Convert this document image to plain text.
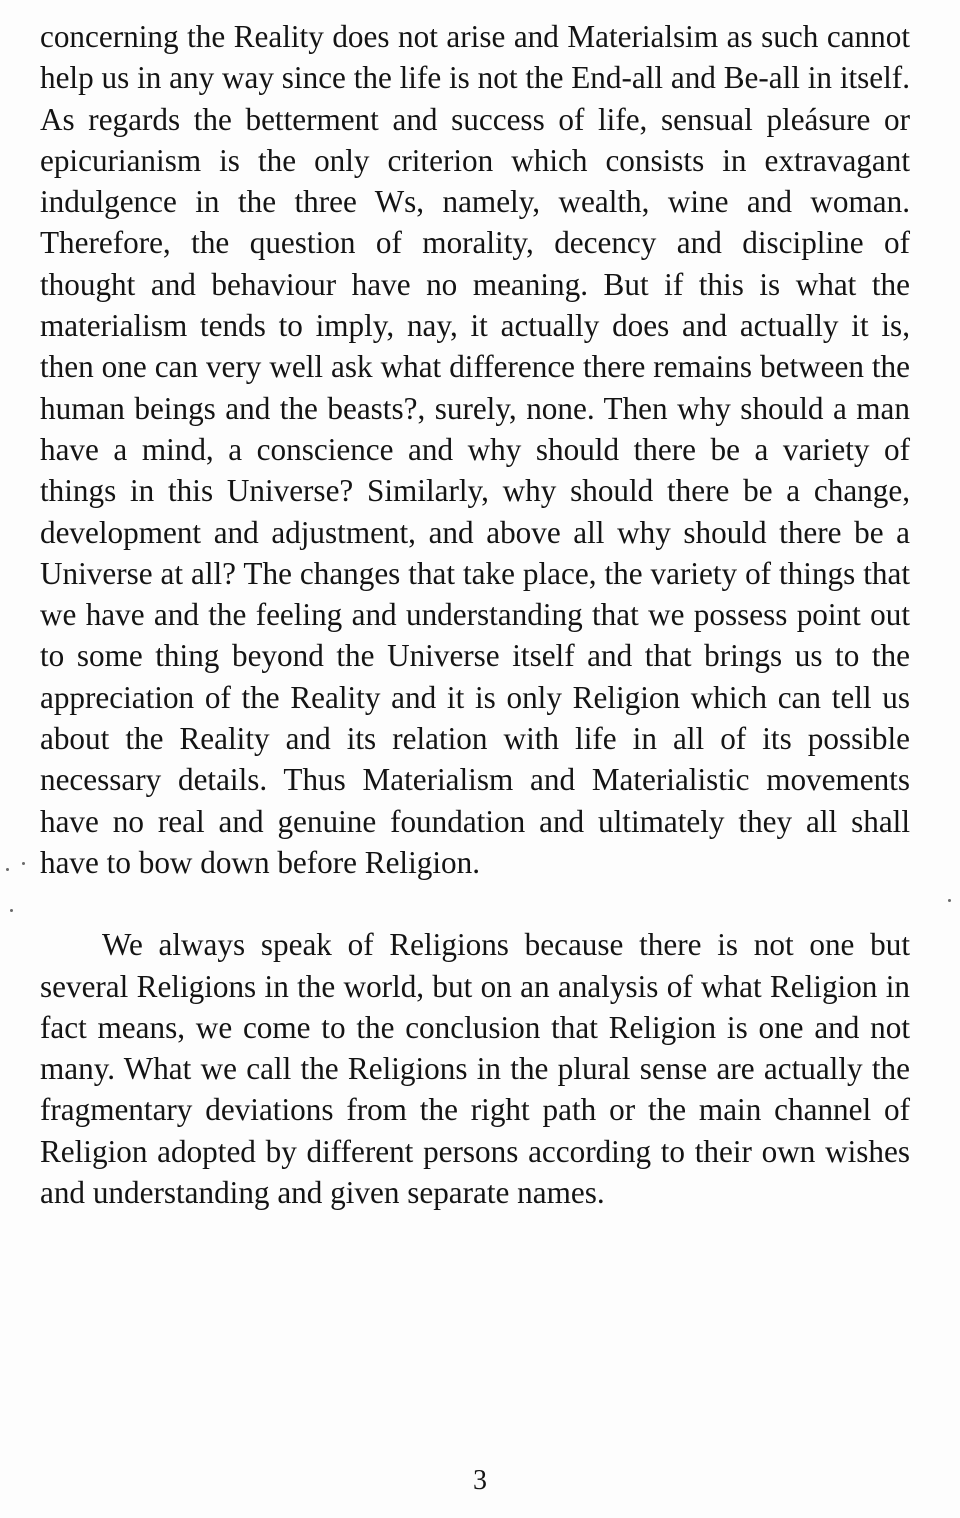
concerning the Reality does not arise and Materialsim as such cannot help us in any way since the life is not the End-all and Be-all in itself. As regards the betterment and success of life, sensual pleásure or epicurianism is the only criterion which consists in extravagant indulgence in the three Ws, namely, wealth, wine and woman. Therefore, the question of morality, decency and discipline of thought and behaviour have no meaning. But if this is what the materialism tends to imply, nay, it actually does and actually it is, then one can very well ask what difference there remains between the human beings and the beasts?, surely, none. Then why should a man have a mind, a conscience and why should there be a variety of things in this Universe? Similarly, why should there be a change, development and adjustment, and above all why should there be a Universe at all? The changes that take place, the variety of things that we have and the feeling and understanding that we possess point out to some thing beyond the Universe itself and that brings us to the appreciation of the Reality and it is only Religion which can tell us about the Reality and its relation with life in all of its possible necessary details. Thus Materialism and Materialistic movements have no real and genuine foundation and ultimately they all shall have to bow down before Religion.

We always speak of Religions because there is not one but several Religions in the world, but on an analysis of what Religion in fact means, we come to the conclusion that Religion is one and not many. What we call the Religions in the plural sense are actually the fragmentary deviations from the right path or the main channel of Religion adopted by different persons according to their own wishes and understanding and given separate names.

3
